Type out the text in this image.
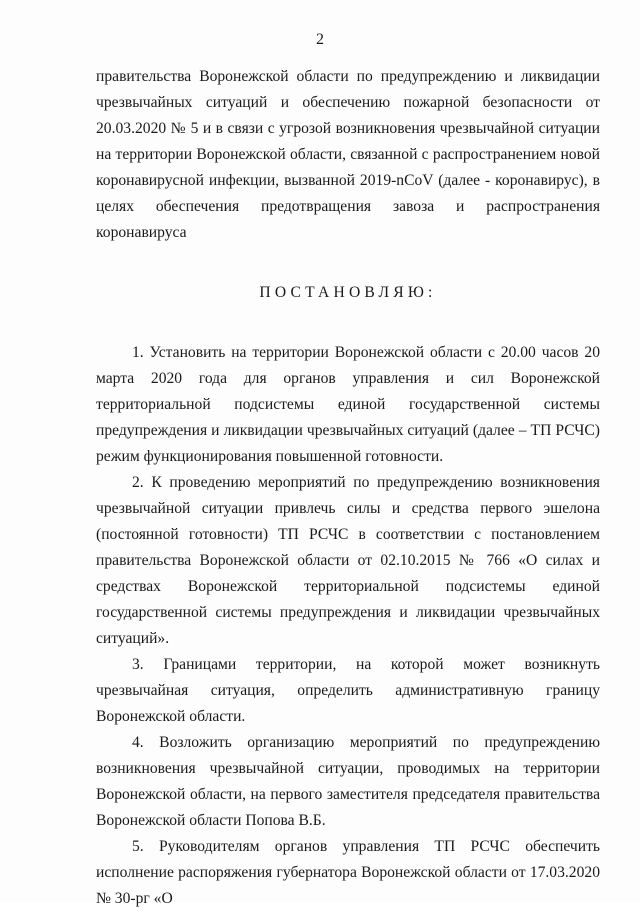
2

правительства Воронежской области по предупреждению и ликвидации чрезвычайных ситуаций и обеспечению пожарной безопасности от 20.03.2020 № 5 и в связи с угрозой возникновения чрезвычайной ситуации на территории Воронежской области, связанной с распространением новой коронавирусной инфекции, вызванной 2019-nCoV (далее - коронавирус), в целях обеспечения предотвращения завоза и распространения коронавируса

ПОСТАНОВЛЯЮ:

1. Установить на территории Воронежской области с 20.00 часов 20 марта 2020 года для органов управления и сил Воронежской территориальной подсистемы единой государственной системы предупреждения и ликвидации чрезвычайных ситуаций (далее – ТП РСЧС) режим функционирования повышенной готовности.

2. К проведению мероприятий по предупреждению возникновения чрезвычайной ситуации привлечь силы и средства первого эшелона (постоянной готовности) ТП РСЧС в соответствии с постановлением правительства Воронежской области от 02.10.2015 № 766 «О силах и средствах Воронежской территориальной подсистемы единой государственной системы предупреждения и ликвидации чрезвычайных ситуаций».

3. Границами территории, на которой может возникнуть чрезвычайная ситуация, определить административную границу Воронежской области.

4. Возложить организацию мероприятий по предупреждению возникновения чрезвычайной ситуации, проводимых на территории Воронежской области, на первого заместителя председателя правительства Воронежской области Попова В.Б.

5. Руководителям органов управления ТП РСЧС обеспечить исполнение распоряжения губернатора Воронежской области от 17.03.2020 № 30-рг «О
